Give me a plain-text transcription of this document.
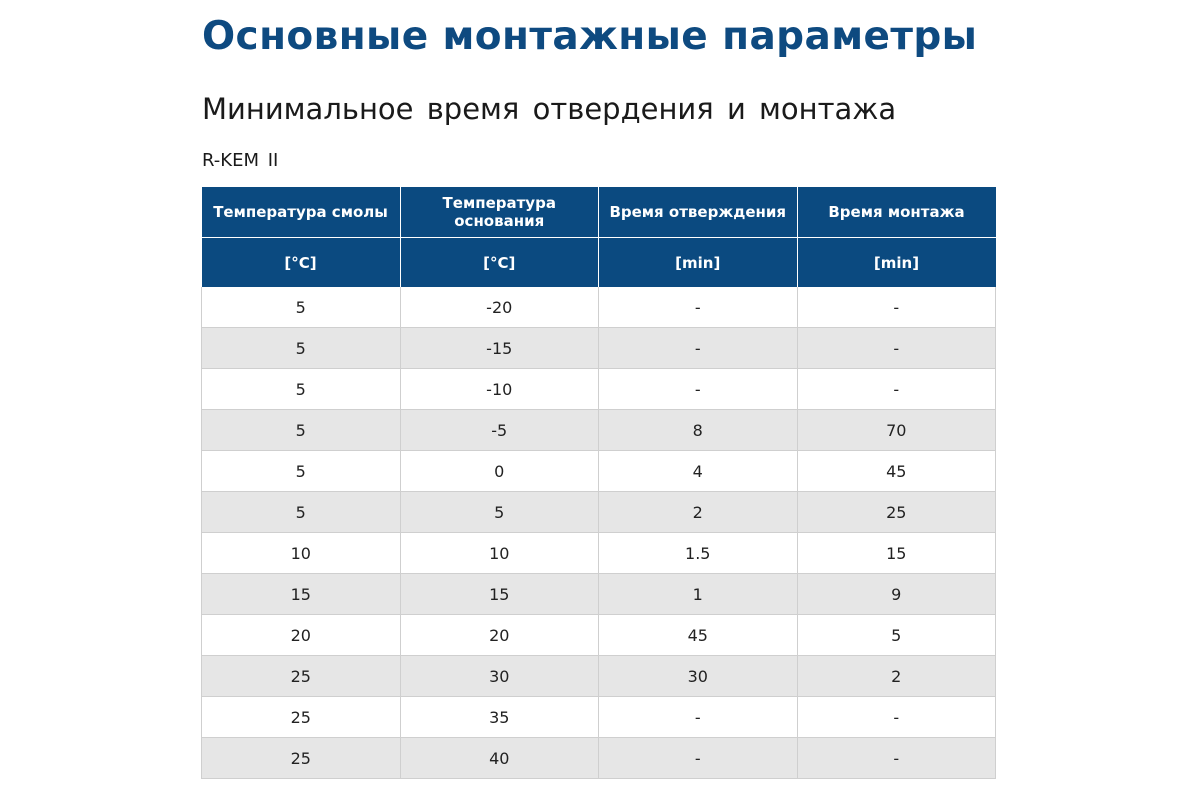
Основные монтажные параметры
Минимальное время отвердения и монтажа
R-KEM II
Температура смолы	Температура основания	Время отверждения	Время монтажа
[°C]	[°C]	[min]	[min]
5	-20	-	-
5	-15	-	-
5	-10	-	-
5	-5	8	70
5	0	4	45
5	5	2	25
10	10	1.5	15
15	15	1	9
20	20	45	5
25	30	30	2
25	35	-	-
25	40	-	-
